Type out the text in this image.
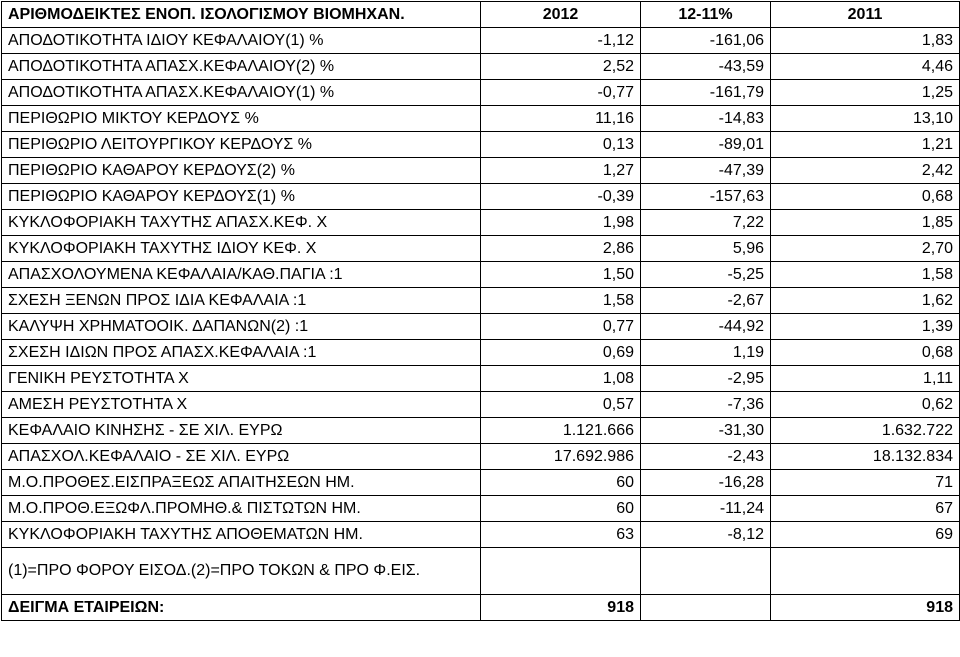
ΑΡΙΘΜΟΔΕΙΚΤΕΣ ΕΝΟΠ. ΙΣΟΛΟΓΙΣΜΟΥ ΒΙΟΜΗΧΑΝ.	2012	12-11%	2011
ΑΠΟΔΟΤΙΚΟΤΗΤΑ ΙΔΙΟΥ ΚΕΦΑΛΑΙΟΥ(1) %	-1,12	-161,06	1,83
ΑΠΟΔΟΤΙΚΟΤΗΤΑ ΑΠΑΣΧ.ΚΕΦΑΛΑΙΟΥ(2) %	2,52	-43,59	4,46
ΑΠΟΔΟΤΙΚΟΤΗΤΑ ΑΠΑΣΧ.ΚΕΦΑΛΑΙΟΥ(1) %	-0,77	-161,79	1,25
ΠΕΡΙΘΩΡΙΟ ΜΙΚΤΟΥ ΚΕΡΔΟΥΣ %	11,16	-14,83	13,10
ΠΕΡΙΘΩΡΙΟ ΛΕΙΤΟΥΡΓΙΚΟΥ ΚΕΡΔΟΥΣ %	0,13	-89,01	1,21
ΠΕΡΙΘΩΡΙΟ ΚΑΘΑΡΟΥ ΚΕΡΔΟΥΣ(2) %	1,27	-47,39	2,42
ΠΕΡΙΘΩΡΙΟ ΚΑΘΑΡΟΥ ΚΕΡΔΟΥΣ(1) %	-0,39	-157,63	0,68
ΚΥΚΛΟΦΟΡΙΑΚΗ ΤΑΧΥΤΗΣ ΑΠΑΣΧ.ΚΕΦ. Χ	1,98	7,22	1,85
ΚΥΚΛΟΦΟΡΙΑΚΗ ΤΑΧΥΤΗΣ ΙΔΙΟΥ ΚΕΦ. Χ	2,86	5,96	2,70
ΑΠΑΣΧΟΛΟΥΜΕΝΑ ΚΕΦΑΛΑΙΑ/ΚΑΘ.ΠΑΓΙΑ :1	1,50	-5,25	1,58
ΣΧΕΣΗ ΞΕΝΩΝ ΠΡΟΣ ΙΔΙΑ ΚΕΦΑΛΑΙΑ :1	1,58	-2,67	1,62
ΚΑΛΥΨΗ ΧΡΗΜΑΤΟΟΙΚ. ΔΑΠΑΝΩΝ(2) :1	0,77	-44,92	1,39
ΣΧΕΣΗ ΙΔΙΩΝ ΠΡΟΣ ΑΠΑΣΧ.ΚΕΦΑΛΑΙΑ :1	0,69	1,19	0,68
ΓΕΝΙΚΗ ΡΕΥΣΤΟΤΗΤΑ Χ	1,08	-2,95	1,11
ΑΜΕΣΗ ΡΕΥΣΤΟΤΗΤΑ Χ	0,57	-7,36	0,62
ΚΕΦΑΛΑΙΟ ΚΙΝΗΣΗΣ - ΣΕ ΧΙΛ. ΕΥΡΩ	1.121.666	-31,30	1.632.722
ΑΠΑΣΧΟΛ.ΚΕΦΑΛΑΙΟ - ΣΕ ΧΙΛ. ΕΥΡΩ	17.692.986	-2,43	18.132.834
Μ.Ο.ΠΡΟΘΕΣ.ΕΙΣΠΡΑΞΕΩΣ ΑΠΑΙΤΗΣΕΩΝ ΗΜ.	60	-16,28	71
Μ.Ο.ΠΡΟΘ.ΕΞΩΦΛ.ΠΡΟΜΗΘ.& ΠΙΣΤΩΤΩΝ ΗΜ.	60	-11,24	67
ΚΥΚΛΟΦΟΡΙΑΚΗ ΤΑΧΥΤΗΣ ΑΠΟΘΕΜΑΤΩΝ ΗΜ.	63	-8,12	69
(1)=ΠΡΟ ΦΟΡΟΥ ΕΙΣΟΔ.(2)=ΠΡΟ ΤΟΚΩΝ & ΠΡΟ Φ.ΕΙΣ.			
ΔΕΙΓΜΑ ΕΤΑΙΡΕΙΩΝ:	918		918
